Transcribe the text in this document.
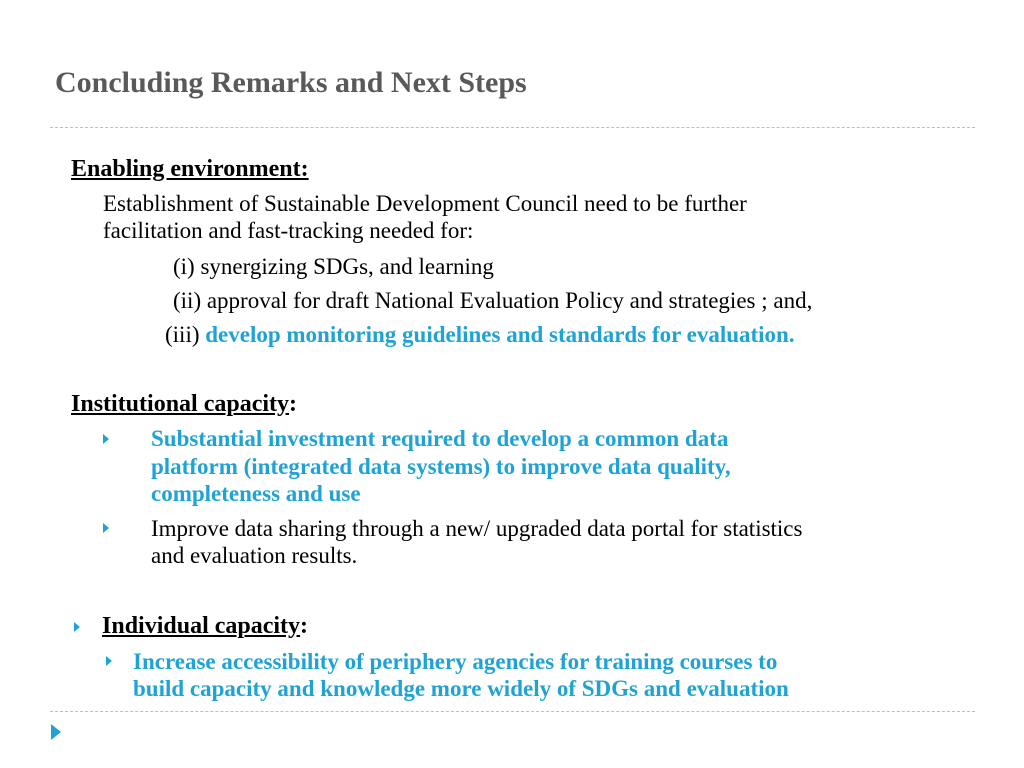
Concluding Remarks and Next Steps
Enabling environment:
Establishment of Sustainable Development Council need to be further
facilitation and fast-tracking needed for:
(i) synergizing SDGs, and learning
(ii) approval for draft National Evaluation Policy and strategies ; and,
(iii) develop monitoring guidelines and standards for evaluation.
Institutional capacity:
Substantial investment required to develop a common data
platform (integrated data systems) to improve data quality,
completeness and use
Improve data sharing through a new/ upgraded data portal for statistics
and evaluation results.
Individual capacity:
Increase accessibility of periphery agencies for training courses to
build capacity and knowledge more widely of SDGs and evaluation
